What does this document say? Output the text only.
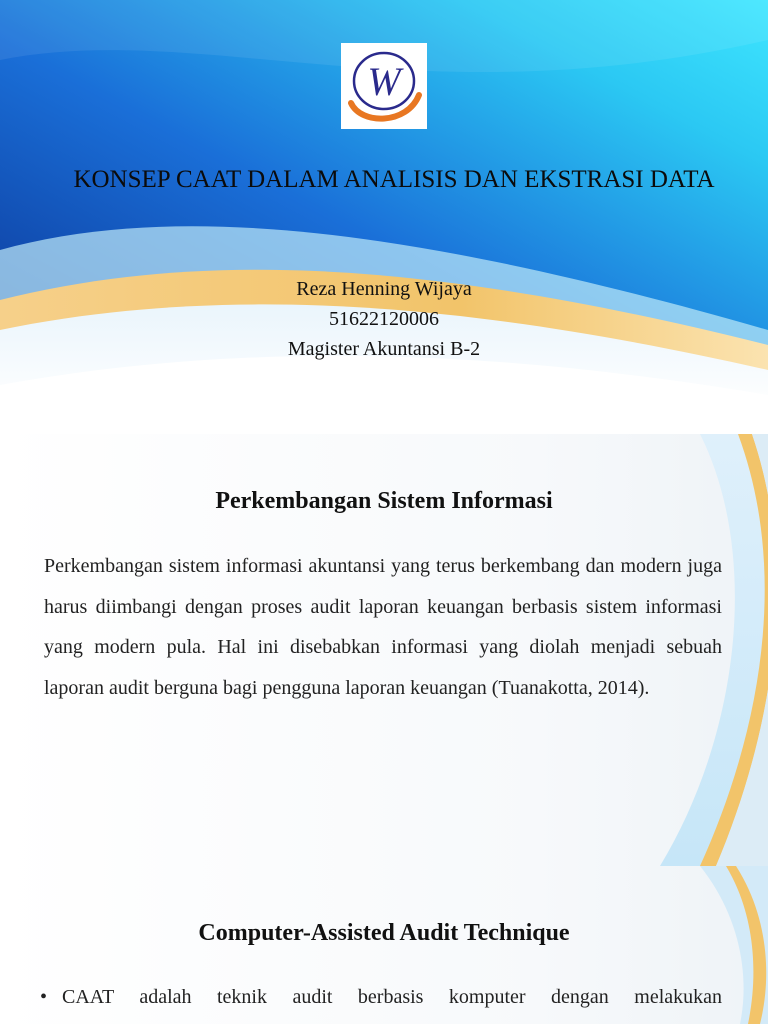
W
KONSEP CAAT DALAM ANALISIS DAN EKSTRASI DATA
Reza Henning Wijaya
51622120006
Magister Akuntansi B-2
Perkembangan Sistem Informasi
Perkembangan sistem informasi akuntansi yang terus berkembang dan modern juga harus diimbangi dengan proses audit laporan keuangan berbasis sistem informasi yang modern pula. Hal ini disebabkan informasi yang diolah menjadi sebuah laporan audit berguna bagi pengguna laporan keuangan (Tuanakotta, 2014).
Computer-Assisted Audit Technique
• CAAT adalah teknik audit berbasis komputer dengan melakukan
